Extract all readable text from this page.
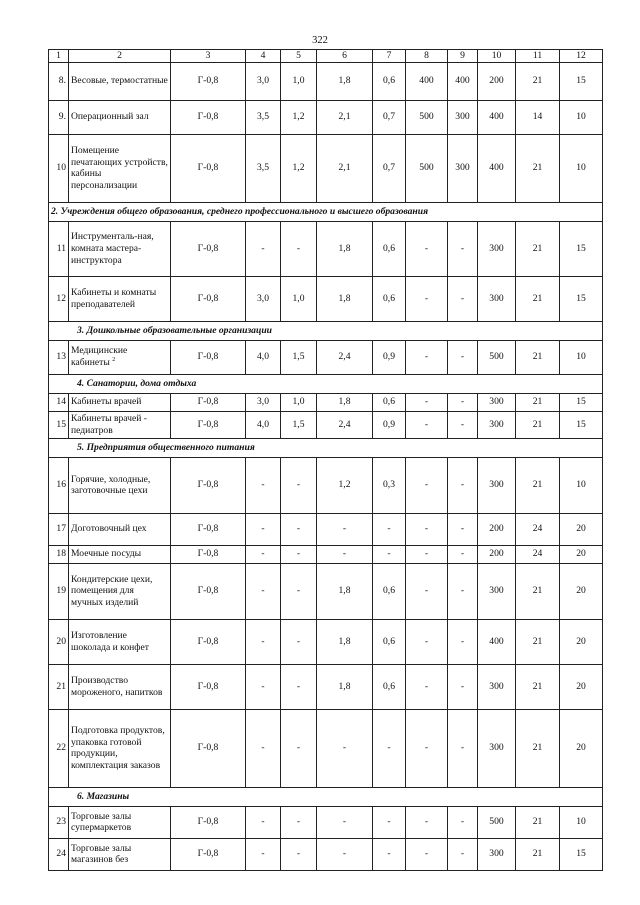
322
1	2	3	4	5	6	7	8	9	10	11	12
8.	Весовые, термостатные	Г-0,8	3,0	1,0	1,8	0,6	400	400	200	21	15
9.	Операционный зал	Г-0,8	3,5	1,2	2,1	0,7	500	300	400	14	10
10	Помещение печатающих устройств, кабины персонализации	Г-0,8	3,5	1,2	2,1	0,7	500	300	400	21	10
2. Учреждения общего образования, среднего профессионального и высшего образования											
11	Инструменталь-ная, комната мастера-инструктора	Г-0,8	-	-	1,8	0,6	-	-	300	21	15
12	Кабинеты и комнаты преподавателей	Г-0,8	3,0	1,0	1,8	0,6	-	-	300	21	15
3. Дошкольные образовательные организации											
13	Медицинские кабинеты $^2$	Г-0,8	4,0	1,5	2,4	0,9	-	-	500	21	10
4. Санатории, дома отдыха											
14	Кабинеты врачей	Г-0,8	3,0	1,0	1,8	0,6	-	-	300	21	15
15	Кабинеты врачей - педиатров	Г-0,8	4,0	1,5	2,4	0,9	-	-	300	21	15
5. Предприятия общественного питания											
16	Горячие, холодные, заготовочные цехи	Г-0,8	-	-	1,2	0,3	-	-	300	21	10
17	Доготовочный цех	Г-0,8	-	-	-	-	-	-	200	24	20
18	Моечные посуды	Г-0,8	-	-	-	-	-	-	200	24	20
19	Кондитерские цехи, помещения для мучных изделий	Г-0,8	-	-	1,8	0,6	-	-	300	21	20
20	Изготовление шоколада и конфет	Г-0,8	-	-	1,8	0,6	-	-	400	21	20
21	Производство мороженого, напитков	Г-0,8	-	-	1,8	0,6	-	-	300	21	20
22	Подготовка продуктов, упаковка готовой продукции, комплектация заказов	Г-0,8	-	-	-	-	-	-	300	21	20
6. Магазины											
23	Торговые залы супермаркетов	Г-0,8	-	-	-	-	-	-	500	21	10
24	Торговые залы магазинов без	Г-0,8	-	-	-	-	-	-	300	21	15
